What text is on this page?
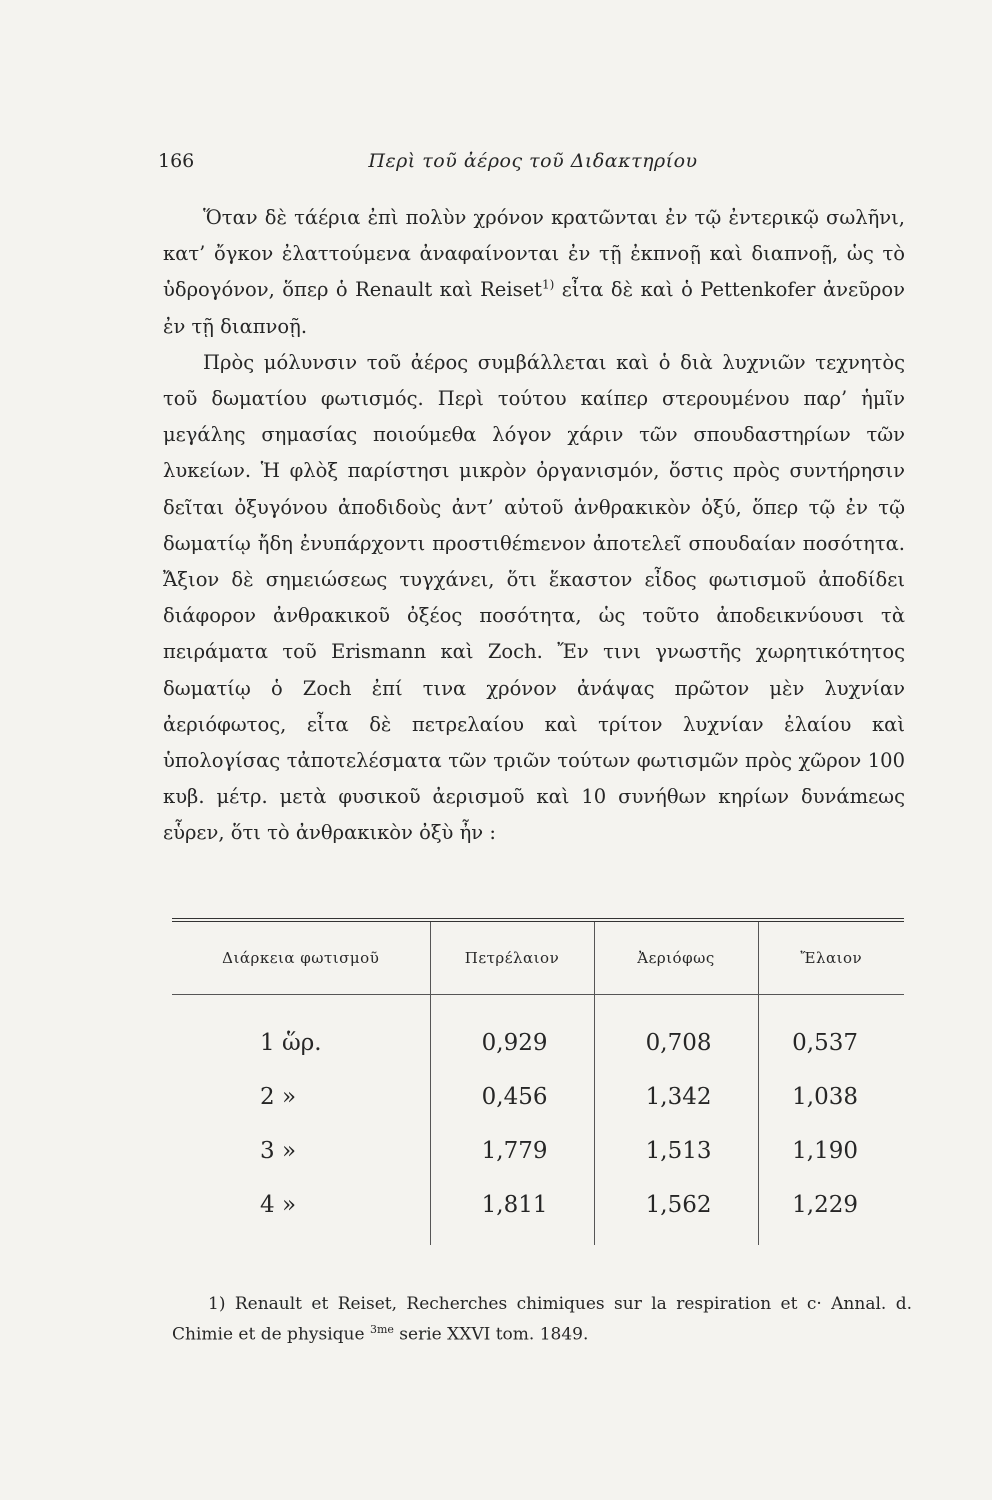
166	Περὶ τοῦ ἀέρος τοῦ Διδακτηρίου

Ὅταν δὲ τάέρια ἐπὶ πολὺν χρόνον κρατῶνται ἐν τῷ ἐντερικῷ σωλῆνι, κατ’ ὄγκον ἐλαττούμενα ἀναφαίνονται ἐν τῇ ἐκπνοῇ καὶ διαπνοῇ, ὡς τὸ ὑδρογόνον, ὅπερ ὁ Renault καὶ Reiset$^{1)}$ εἶτα δὲ καὶ ὁ Pettenkofer ἀνεῦρον ἐν τῇ διαπνοῇ.

Πρὸς μόλυνσιν τοῦ ἀέρος συμβάλλεται καὶ ὁ διὰ λυχνιῶν τεχνητὸς τοῦ δωματίου φωτισμός. Περὶ τούτου καίπερ στερουμένου παρ’ ἡμῖν μεγάλης σημασίας ποιούμεθα λόγον χάριν τῶν σπουδαστηρίων τῶν λυκείων. Ἡ φλὸξ παρίστησι μικρὸν ὀργανισμόν, ὅστις πρὸς συντήρησιν δεῖται ὀξυγόνου ἀποδιδοὺς ἀντ’ αὐτοῦ ἀνθρακικὸν ὀξύ, ὅπερ τῷ ἐν τῷ δωματίῳ ἤδη ἐνυπάρχοντι προστιθέmενον ἀποτελεῖ σπουδαίαν ποσότητα. Ἄξιον δὲ σημειώσεως τυγχάνει, ὅτι ἕκαστον εἶδος φωτισμοῦ ἀποδίδει διάφορον ἀνθρακικοῦ ὀξέος ποσότητα, ὡς τοῦτο ἀποδεικνύουσι τὰ πειράματα τοῦ Erismann καὶ Zoch. Ἔν τινι γνωστῆς χωρητικότητος δωματίῳ ὁ Zoch ἐπί τινα χρόνον ἀνάψας πρῶτον μὲν λυχνίαν ἀεριόφωτος, εἶτα δὲ πετρελαίου καὶ τρίτον λυχνίαν ἐλαίου καὶ ὑπολογίσας τἀποτελέσματα τῶν τριῶν τούτων φωτισμῶν πρὸς χῶρον 100 κυβ. μέτρ. μετὰ φυσικοῦ ἀερισμοῦ καὶ 10 συνήθων κηρίων δυνάmεως εὗρεν, ὅτι τὸ ἀνθρακικὸν ὀξὺ ἦν :

Διάρκεια φωτισμοῦ	Πετρέλαιον	Ἀεριόφως	Ἔλαιον
1 ὥρ.	0,929	0,708	0,537
2 »	0,456	1,342	1,038
3 »	1,779	1,513	1,190
4 »	1,811	1,562	1,229
1) Renault et Reiset, Recherches chimiques sur la respiration et c· Annal. d. Chimie et de physique $^{3me}$ serie XXVI tom. 1849.
